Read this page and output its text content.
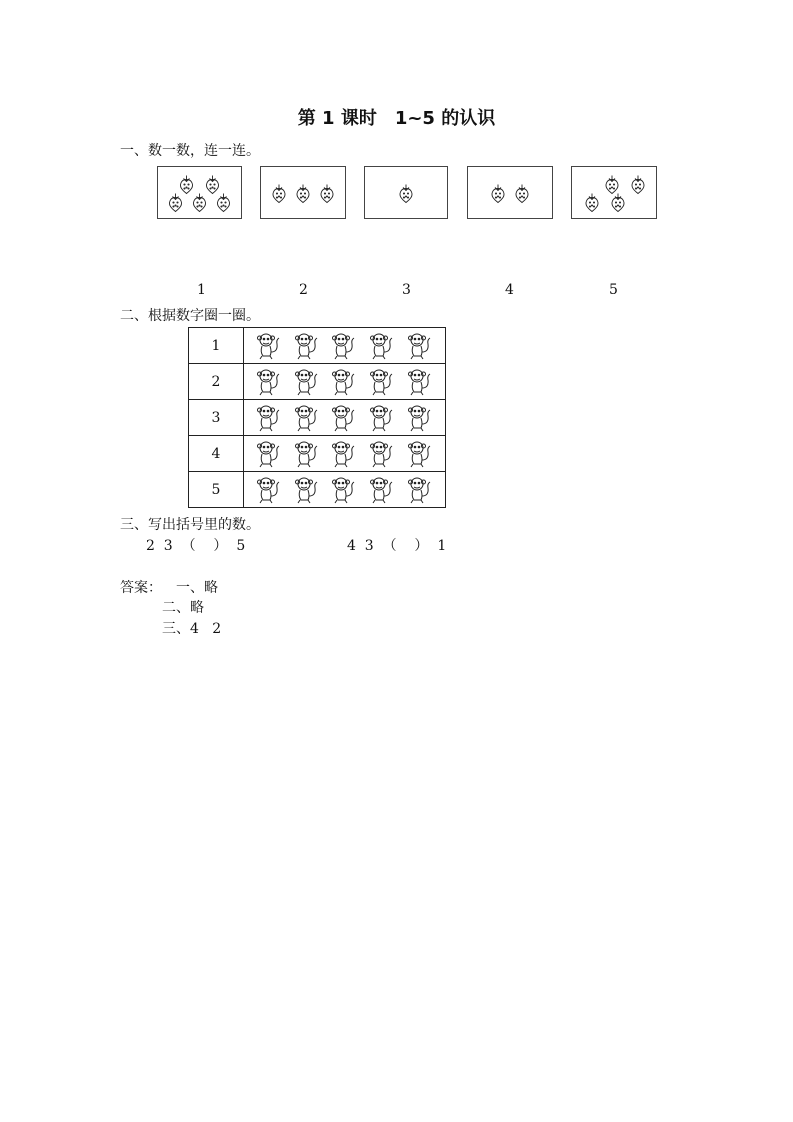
第 1 课时　1~5 的认识
一、数一数，连一连。
1	2	3	4	5
二、根据数字圈一圈。
1	

2	

3	

4	

5	
三、写出括号里的数。
2  3  （    ）  5	4  3  （    ）  1
答案： 一、略
二、略
三、4   2
